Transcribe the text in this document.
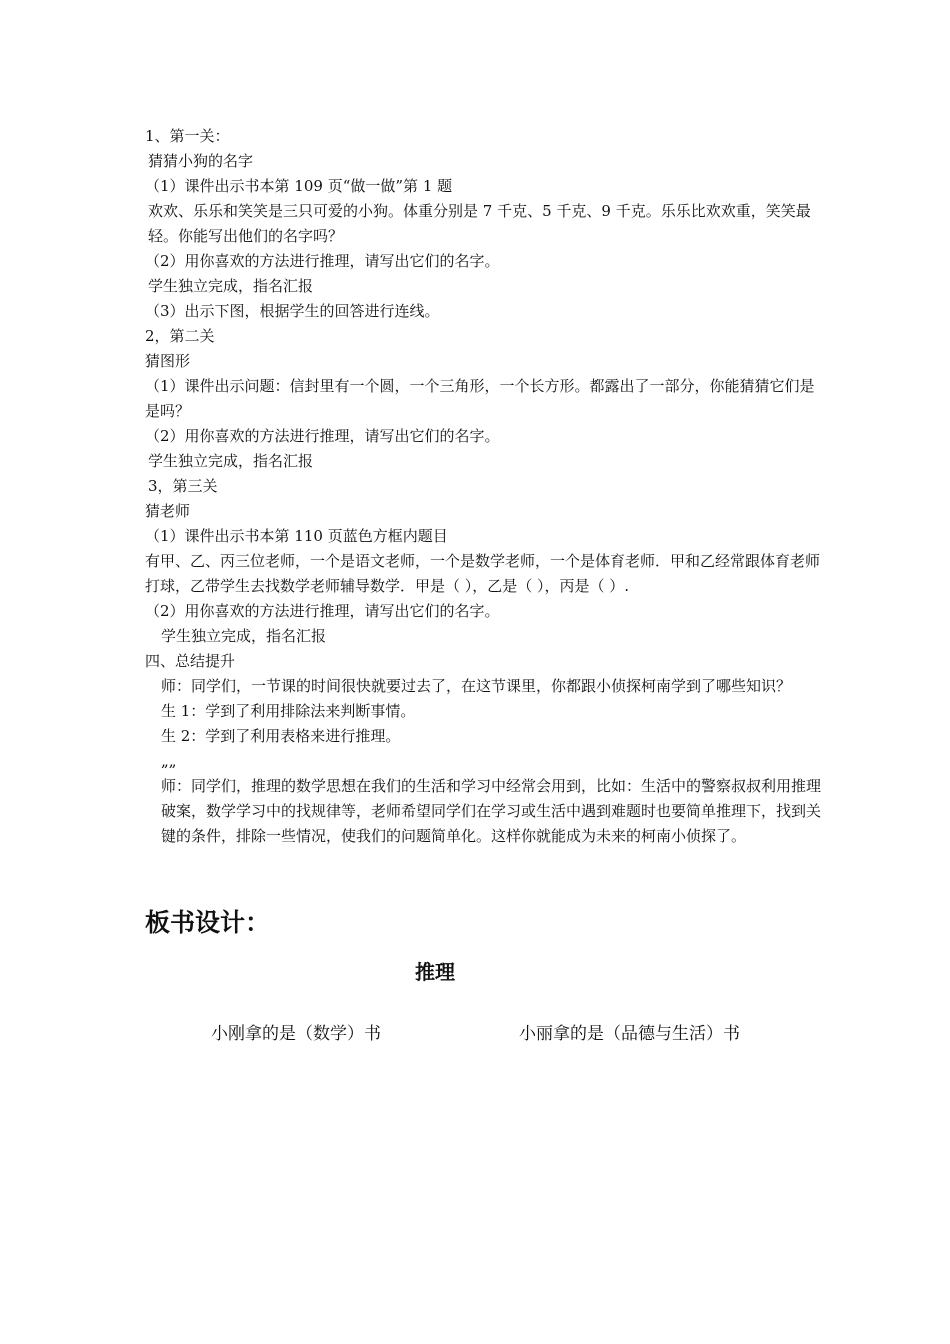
1、第一关：

猜猜小狗的名字

（1）课件出示书本第 109 页“做一做”第 1 题

欢欢、乐乐和笑笑是三只可爱的小狗。体重分别是 7 千克、5 千克、9 千克。乐乐比欢欢重，笑笑最轻。你能写出他们的名字吗？

（2）用你喜欢的方法进行推理，请写出它们的名字。

学生独立完成，指名汇报

（3）出示下图，根据学生的回答进行连线。

2，第二关

猜图形

（1）课件出示问题：信封里有一个圆，一个三角形，一个长方形。都露出了一部分，你能猜猜它们是是吗？

（2）用你喜欢的方法进行推理，请写出它们的名字。

学生独立完成，指名汇报

3，第三关

猜老师

（1）课件出示书本第 110 页蓝色方框内题目

有甲、乙、丙三位老师，一个是语文老师，一个是数学老师，一个是体育老师．甲和乙经常跟体育老师打球，乙带学生去找数学老师辅导数学．甲是（ ），乙是（ ），丙是（ ）.

（2）用你喜欢的方法进行推理，请写出它们的名字。

学生独立完成，指名汇报

四、总结提升

师：同学们，一节课的时间很快就要过去了，在这节课里，你都跟小侦探柯南学到了哪些知识？

生 1：学到了利用排除法来判断事情。

生 2：学到了利用表格来进行推理。

„„

师：同学们，推理的数学思想在我们的生活和学习中经常会用到，比如：生活中的警察叔叔利用推理破案，数学学习中的找规律等，老师希望同学们在学习或生活中遇到难题时也要简单推理下，找到关键的条件，排除一些情况，使我们的问题简单化。这样你就能成为未来的柯南小侦探了。

板书设计：
推理

小刚拿的是（数学）书	小丽拿的是（品德与生活）书
